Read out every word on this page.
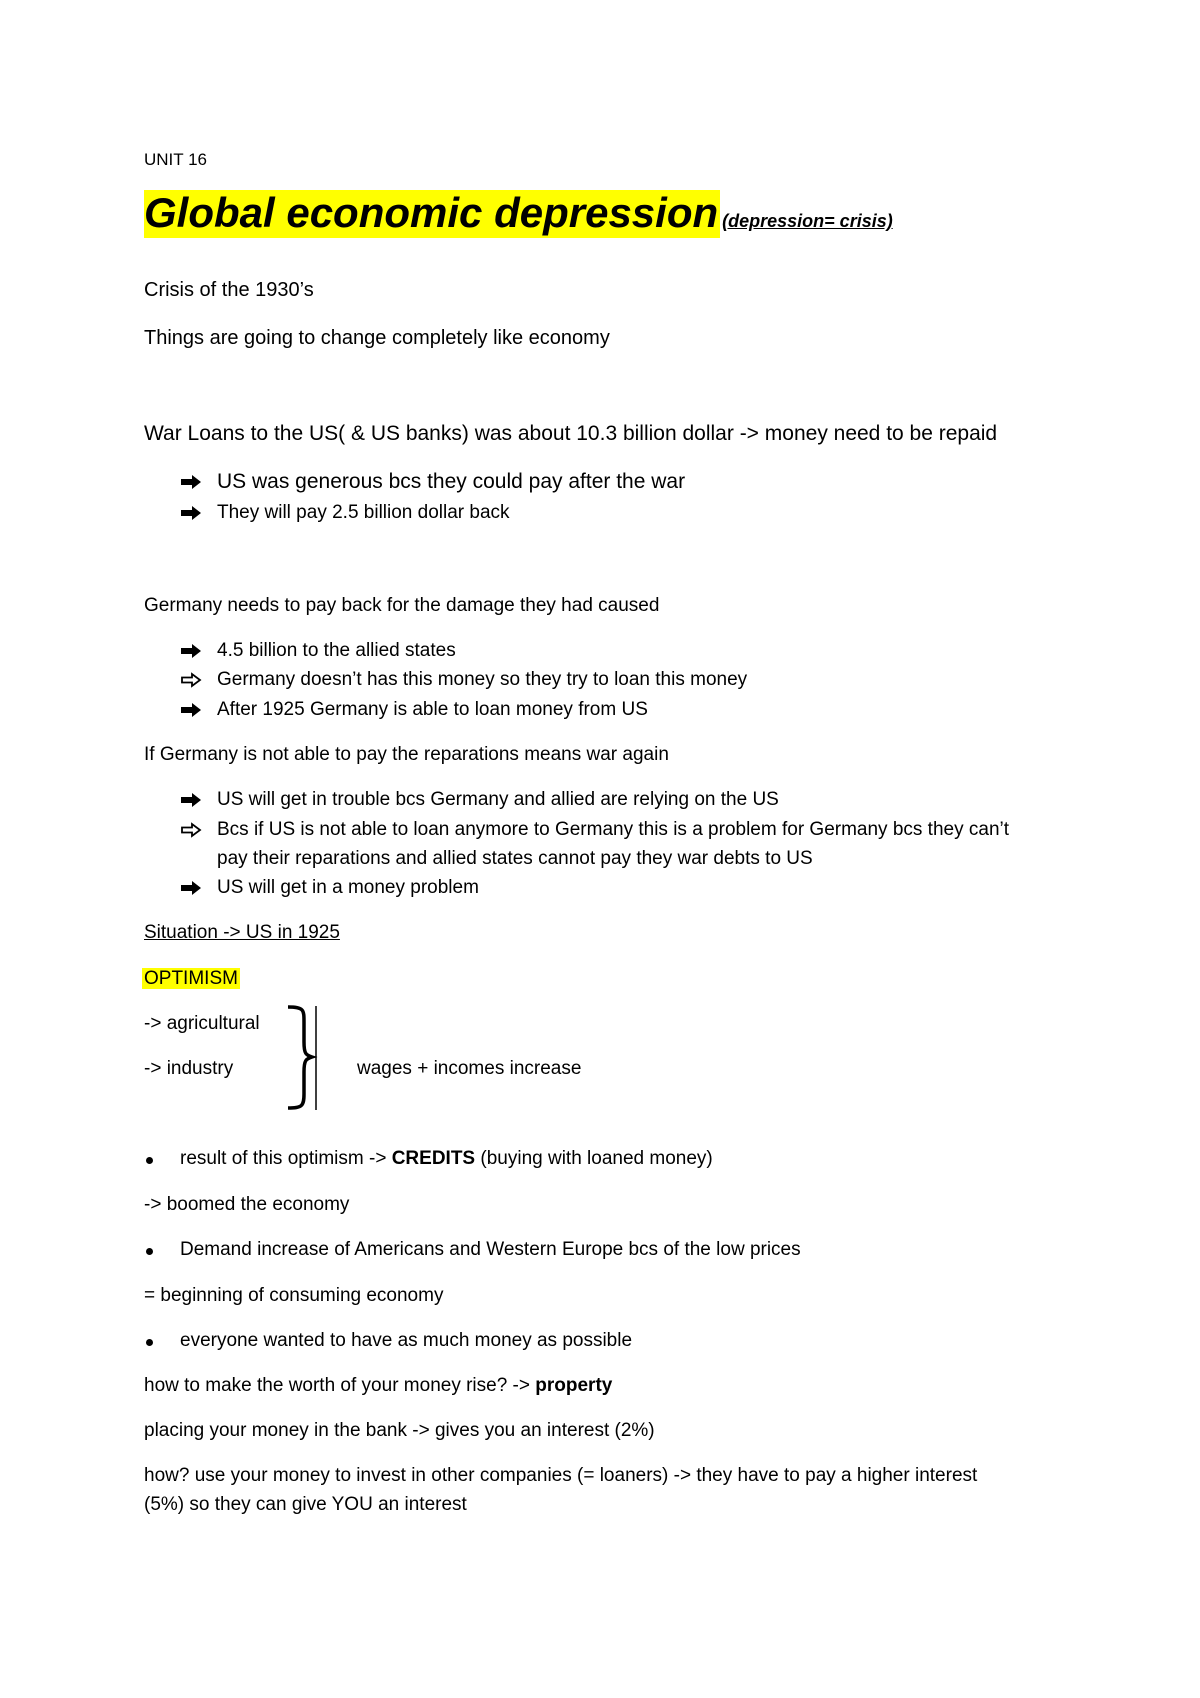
UNIT 16
Global economic depression (depression= crisis)
Crisis of the 1930’s
Things are going to change completely like economy
War Loans to the US( & US banks) was about 10.3 billion dollar -> money need to be repaid
US was generous bcs they could pay after the war
They will pay 2.5 billion dollar back
Germany needs to pay back for the damage they had caused
4.5 billion to the allied states
Germany doesn’t has this money so they try to loan this money
After 1925 Germany is able to loan money from US
If Germany is not able to pay the reparations means war again
US will get in trouble bcs Germany and allied are relying on the US
Bcs if US is not able to loan anymore to Germany this is a problem for Germany bcs they can’t
pay their reparations and allied states cannot pay they war debts to US
US will get in a money problem
Situation -> US in 1925
OPTIMISM
-> agricultural
-> industry	wages + incomes increase
result of this optimism -> CREDITS (buying with loaned money)
-> boomed the economy
Demand increase of Americans and Western Europe bcs of the low prices
= beginning of consuming economy
everyone wanted to have as much money as possible
how to make the worth of your money rise? -> property
placing your money in the bank -> gives you an interest (2%)
how? use your money to invest in other companies (= loaners) -> they have to pay a higher interest
(5%) so they can give YOU an interest
